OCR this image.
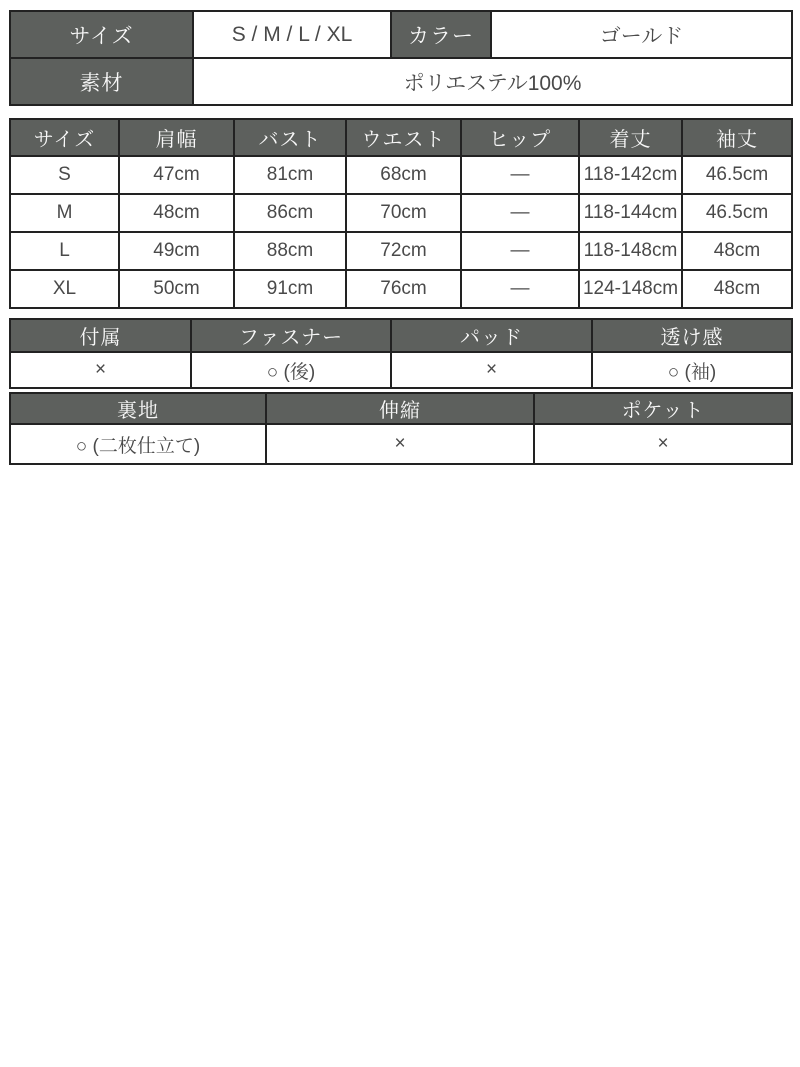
サイズ	S / M / L / XL	カラー	ゴールド
素材	ポリエステル100%		
サイズ	肩幅	バスト	ウエスト	ヒップ	着丈	袖丈
S	47cm	81cm	68cm	—	118-142cm	46.5cm
M	48cm	86cm	70cm	—	118-144cm	46.5cm
L	49cm	88cm	72cm	—	118-148cm	48cm
XL	50cm	91cm	76cm	—	124-148cm	48cm
付属	ファスナー	パッド	透け感
×	○ (後)	×	○ (袖)
裏地	伸縮	ポケット
○ (二枚仕立て)	×	×
